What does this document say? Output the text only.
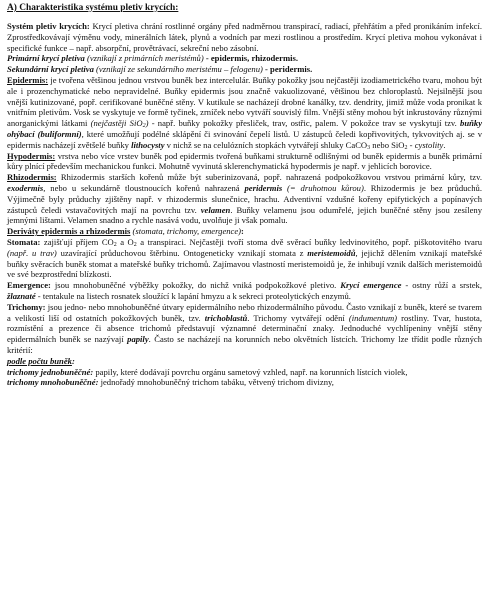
A) Charakteristika systému pletiv krycích:

Systém pletiv krycích: Krycí pletiva chrání rostlinné orgány před nadměrnou transpirací, radiací, přehřátím a před pronikáním infekcí. Zprostředkovávají výměnu vody, minerálních látek, plynů a vodních par mezi rostlinou a prostředím. Krycí pletiva mohou vykonávat i specifické funkce – např. absorpční, provětrávací, sekreční nebo zásobní.

Primární krycí pletiva (vznikají z primárních meristémů) - epidermis, rhizodermis.

Sekundární krycí pletiva (vznikají ze sekundárního meristému – felogenu) - peridermis.

Epidermis: je tvořena většinou jednou vrstvou buněk bez intercelulár. Buňky pokožky jsou nejčastěji izodiametrického tvaru, mohou být ale i prozenchymatické nebo nepravidelné. Buňky epidermis jsou značně vakuolizované, většinou bez chloroplastů. Nejsilnější jsou vnější kutinizované, popř. cerifikované buněčné stěny. V kutikule se nacházejí drobné kanálky, tzv. dendrity, jimiž může voda pronikat k vnitřním pletivům. Vosk se vyskytuje ve formě tyčinek, zrníček nebo vytváří souvislý film. Vnější stěny mohou být inkrustovány různými anorganickými látkami (nejčastěji SiO$_2$) - např. buňky pokožky přesliček, trav, ostřic, palem. V pokožce trav se vyskytují tzv. buňky ohýbací (buliformní), které umožňují podélné sklápění či svinování čepelí listů. U zástupců čeledi kopřivovitých, tykvovitých aj. se v epidermis nacházejí zvětšelé buňky lithocysty v nichž se na celulózních stopkách vytvářejí shluky CaCO$_3$ nebo SiO$_2$ - cystolity.

Hypodermis: vrstva nebo více vrstev buněk pod epidermis tvořená buňkami strukturně odlišnými od buněk epidermis a buněk primární kůry plnící především mechanickou funkci. Mohutně vyvinutá sklerenchymatická hypodermis je např. v jehlicích borovice.

Rhizodermis: Rhizodermis starších kořenů může být suberinizovaná, popř. nahrazená podpokožkovou vrstvou primární kůry, tzv. exodermis, nebo u sekundárně tloustnoucích kořenů nahrazená peridermis (= druhotnou kůrou). Rhizodermis je bez průduchů. Výjimečně byly průduchy zjištěny např. v rhizodermis slunečnice, hrachu. Adventivní vzdušné kořeny epifytických a popínavých zástupců čeledi vstavačovitých mají na povrchu tzv. velamen. Buňky velamenu jsou odumřelé, jejich buněčné stěny jsou zesíleny jemnými lištami. Velamen snadno a rychle nasává vodu, uvolňuje ji však pomalu.

Deriváty epidermis a rhizodermis (stomata, trichomy, emergence):

Stomata: zajišťují příjem $CO_2$ a $O_2$ a transpiraci. Nejčastěji tvoří stoma dvě svěrací buňky ledvinovitého, popř. piškotovitého tvaru (např. u trav) uzavírající průduchovou štěrbinu. Ontogeneticky vznikají stomata z meristemoidů, jejichž dělením vznikají mateřské buňky svěracích buněk stomat a mateřské buňky trichomů. Zajímavou vlastností meristemoidů je, že inhibují vznik dalších meristemoidů ve své bezprostřední blízkosti.

Emergence: jsou mnohobuněčné výběžky pokožky, do nichž vniká podpokožkové pletivo. Krycí emergence - ostny růží a srstek, žlaznaté - tentakule na listech rosnatek sloužící k lapání hmyzu a k sekreci proteolytických enzymů.

Trichomy: jsou jedno- nebo mnohobuněčné útvary epidermálního nebo rhizodermálního původu. Často vznikají z buněk, které se tvarem a velikostí liší od ostatních pokožkových buněk, tzv. trichoblastů. Trichomy vytvářejí odění (indumentum) rostliny. Tvar, hustota, rozmístění a prezence či absence trichomů představují významné determinační znaky. Jednoduché vychlípeniny vnější stěny epidermálních buněk se nazývají papily. Často se nacházejí na korunních nebo okvětních lístcích. Trichomy lze třídit podle různých kritérií:

podle počtu buněk:

trichomy jednobuněčné: papily, které dodávají povrchu orgánu sametový vzhled, např. na korunních lístcích violek,

trichomy mnohobuněčné: jednořadý mnohobuněčný trichom tabáku, větvený trichom divizny,
